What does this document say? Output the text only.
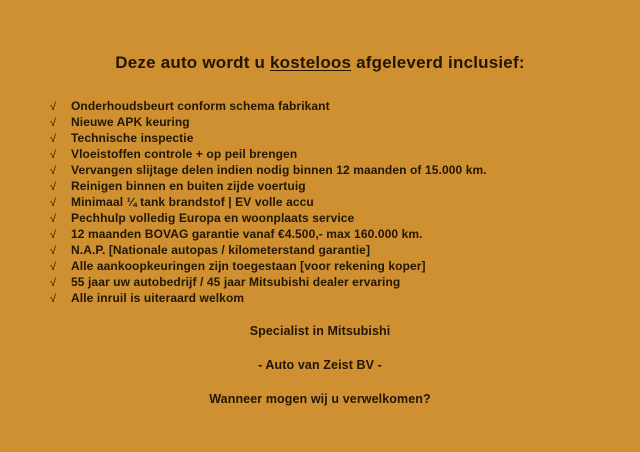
Deze auto wordt u kosteloos afgeleverd inclusief:
√	Onderhoudsbeurt conform schema fabrikant
√	Nieuwe APK keuring
√	Technische inspectie
√	Vloeistoffen controle + op peil brengen
√	Vervangen slijtage delen indien nodig binnen 12 maanden of 15.000 km.
√	Reinigen binnen en buiten zijde voertuig
√	Minimaal ¼ tank brandstof | EV volle accu
√	Pechhulp volledig Europa en woonplaats service
√	12 maanden BOVAG garantie vanaf €4.500,- max 160.000 km.
√	N.A.P. [Nationale autopas / kilometerstand garantie]
√	Alle aankoopkeuringen zijn toegestaan [voor rekening koper]
√	55 jaar uw autobedrijf / 45 jaar Mitsubishi dealer ervaring
√	Alle inruil is uiteraard welkom
Specialist in Mitsubishi
- Auto van Zeist BV -
Wanneer mogen wij u verwelkomen?
